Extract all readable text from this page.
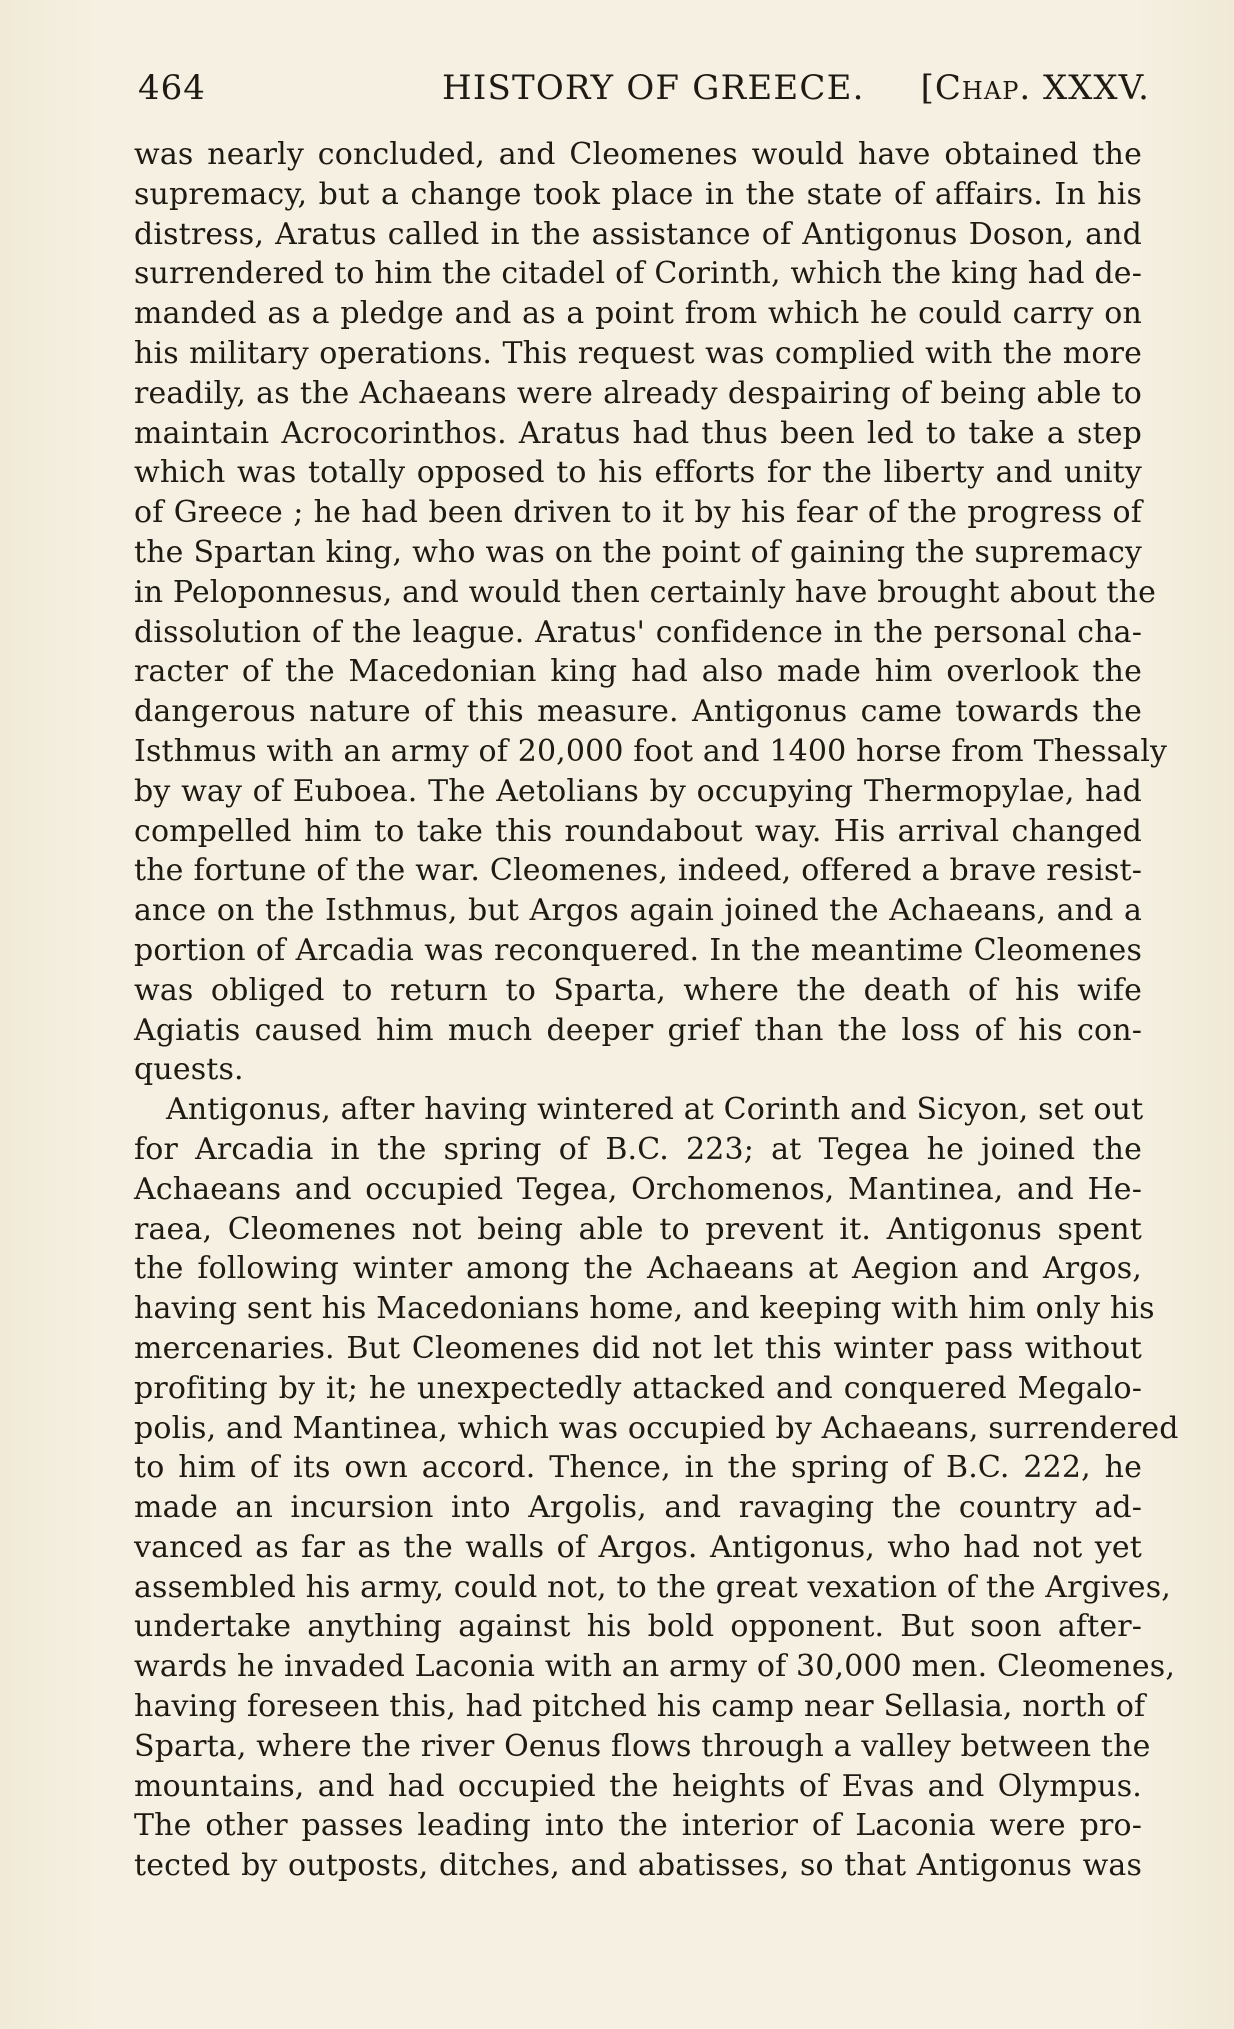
464	HISTORY OF GREECE. [Chap. XXXV.
was nearly concluded, and Cleomenes would have obtained the
supremacy, but a change took place in the state of affairs. In his
distress, Aratus called in the assistance of Antigonus Doson, and
surrendered to him the citadel of Corinth, which the king had de-
manded as a pledge and as a point from which he could carry on
his military operations. This request was complied with the more
readily, as the Achaeans were already despairing of being able to
maintain Acrocorinthos. Aratus had thus been led to take a step
which was totally opposed to his efforts for the liberty and unity
of Greece ; he had been driven to it by his fear of the progress of
the Spartan king, who was on the point of gaining the supremacy
in Peloponnesus, and would then certainly have brought about the
dissolution of the league. Aratus' confidence in the personal cha-
racter of the Macedonian king had also made him overlook the
dangerous nature of this measure. Antigonus came towards the
Isthmus with an army of 20,000 foot and 1400 horse from Thessaly
by way of Euboea. The Aetolians by occupying Thermopylae, had
compelled him to take this roundabout way. His arrival changed
the fortune of the war. Cleomenes, indeed, offered a brave resist-
ance on the Isthmus, but Argos again joined the Achaeans, and a
portion of Arcadia was reconquered. In the meantime Cleomenes
was obliged to return to Sparta, where the death of his wife
Agiatis caused him much deeper grief than the loss of his con-
quests.
Antigonus, after having wintered at Corinth and Sicyon, set out
for Arcadia in the spring of B.C. 223; at Tegea he joined the
Achaeans and occupied Tegea, Orchomenos, Mantinea, and He-
raea, Cleomenes not being able to prevent it. Antigonus spent
the following winter among the Achaeans at Aegion and Argos,
having sent his Macedonians home, and keeping with him only his
mercenaries. But Cleomenes did not let this winter pass without
profiting by it; he unexpectedly attacked and conquered Megalo-
polis, and Mantinea, which was occupied by Achaeans, surrendered
to him of its own accord. Thence, in the spring of B.C. 222, he
made an incursion into Argolis, and ravaging the country ad-
vanced as far as the walls of Argos. Antigonus, who had not yet
assembled his army, could not, to the great vexation of the Argives,
undertake anything against his bold opponent. But soon after-
wards he invaded Laconia with an army of 30,000 men. Cleomenes,
having foreseen this, had pitched his camp near Sellasia, north of
Sparta, where the river Oenus flows through a valley between the
mountains, and had occupied the heights of Evas and Olympus.
The other passes leading into the interior of Laconia were pro-
tected by outposts, ditches, and abatisses, so that Antigonus was
